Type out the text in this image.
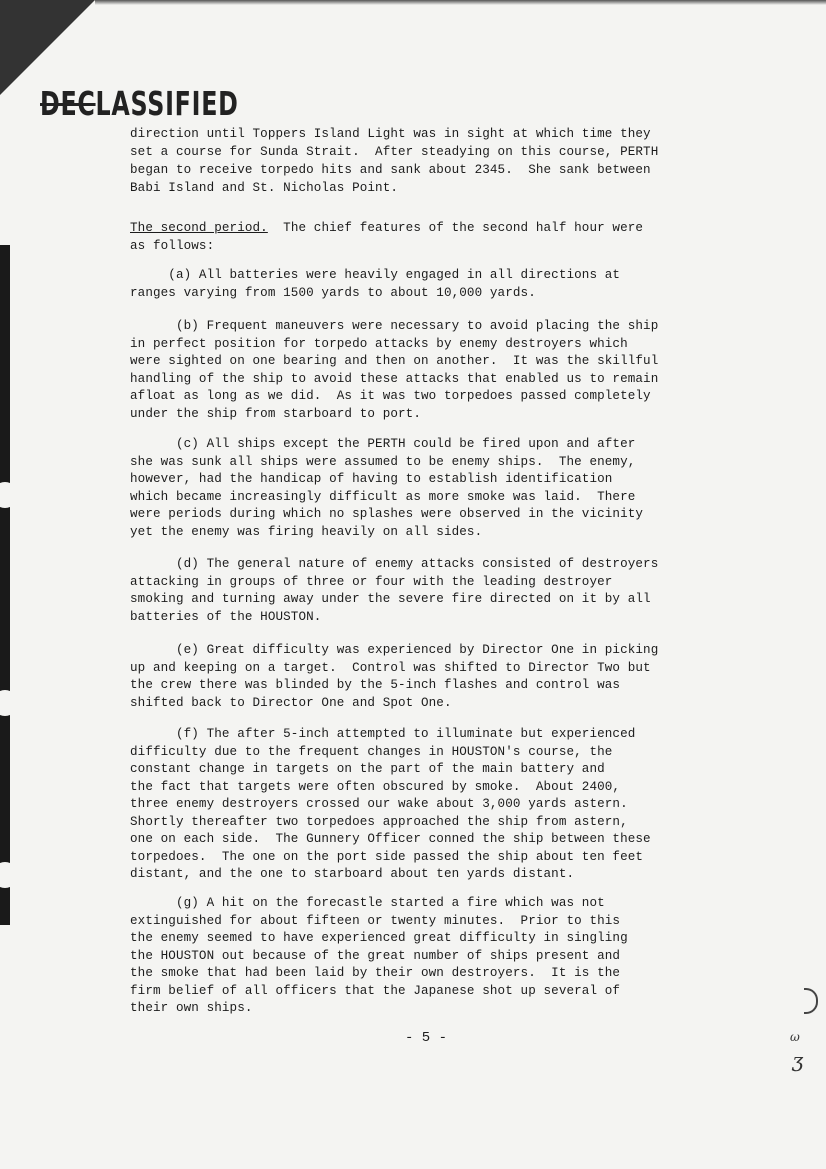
ω
ʒ
DECLASSIFIED

direction until Toppers Island Light was in sight at which time they

set a course for Sunda Strait.  After steadying on this course, PERTH

began to receive torpedo hits and sank about 2345.  She sank between

Babi Island and St. Nicholas Point.

The second period.  The chief features of the second half hour were

as follows:

(a) All batteries were heavily engaged in all directions at

ranges varying from 1500 yards to about 10,000 yards.

(b) Frequent maneuvers were necessary to avoid placing the ship

in perfect position for torpedo attacks by enemy destroyers which

were sighted on one bearing and then on another.  It was the skillful

handling of the ship to avoid these attacks that enabled us to remain

afloat as long as we did.  As it was two torpedoes passed completely

under the ship from starboard to port.

(c) All ships except the PERTH could be fired upon and after

she was sunk all ships were assumed to be enemy ships.  The enemy,

however, had the handicap of having to establish identification

which became increasingly difficult as more smoke was laid.  There

were periods during which no splashes were observed in the vicinity

yet the enemy was firing heavily on all sides.

(d) The general nature of enemy attacks consisted of destroyers

attacking in groups of three or four with the leading destroyer

smoking and turning away under the severe fire directed on it by all

batteries of the HOUSTON.

(e) Great difficulty was experienced by Director One in picking

up and keeping on a target.  Control was shifted to Director Two but

the crew there was blinded by the 5-inch flashes and control was

shifted back to Director One and Spot One.

(f) The after 5-inch attempted to illuminate but experienced

difficulty due to the frequent changes in HOUSTON's course, the

constant change in targets on the part of the main battery and

the fact that targets were often obscured by smoke.  About 2400,

three enemy destroyers crossed our wake about 3,000 yards astern.

Shortly thereafter two torpedoes approached the ship from astern,

one on each side.  The Gunnery Officer conned the ship between these

torpedoes.  The one on the port side passed the ship about ten feet

distant, and the one to starboard about ten yards distant.

(g) A hit on the forecastle started a fire which was not

extinguished for about fifteen or twenty minutes.  Prior to this

the enemy seemed to have experienced great difficulty in singling

the HOUSTON out because of the great number of ships present and

the smoke that had been laid by their own destroyers.  It is the

firm belief of all officers that the Japanese shot up several of

their own ships.

- 5 -
